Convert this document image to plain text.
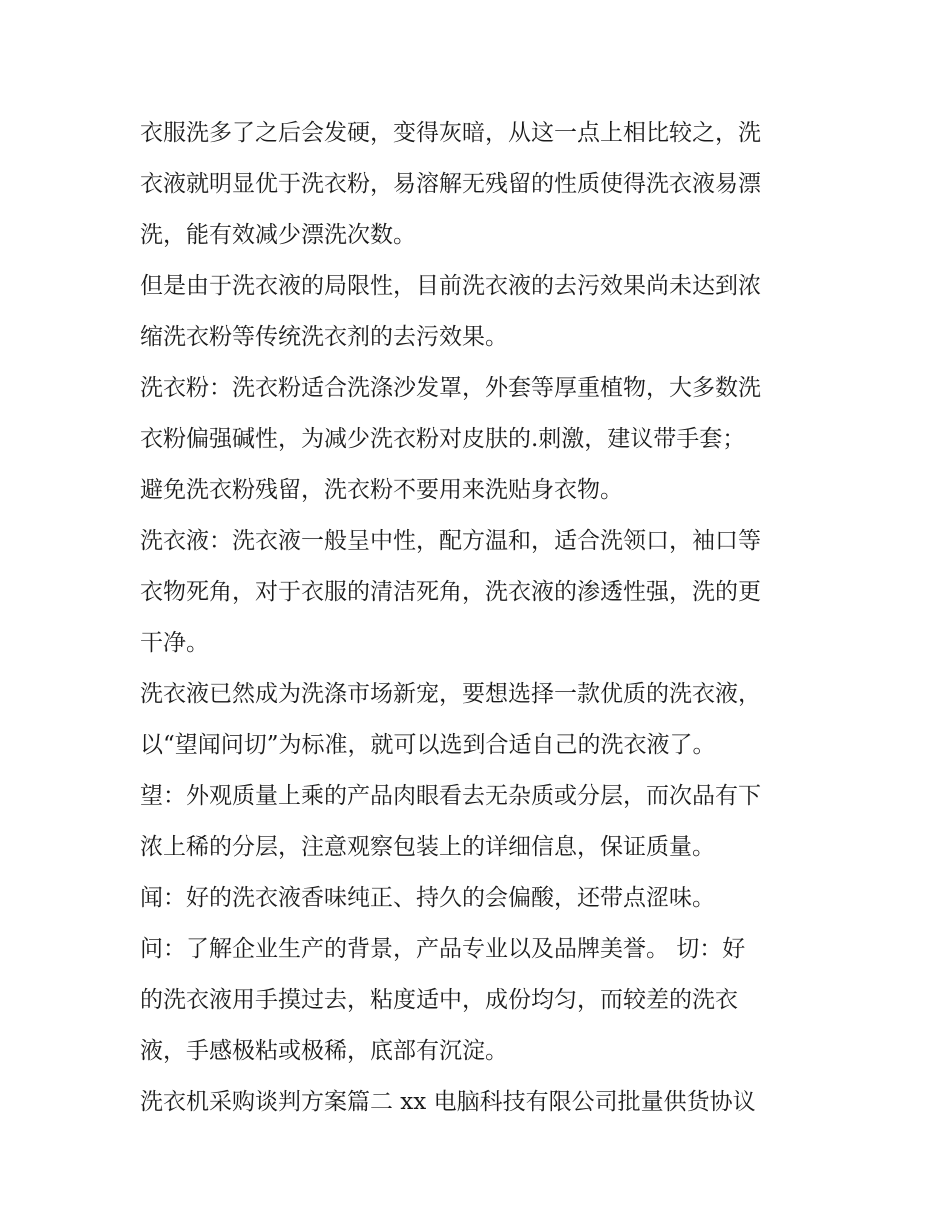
衣服洗多了之后会发硬，变得灰暗，从这一点上相比较之，洗
衣液就明显优于洗衣粉，易溶解无残留的性质使得洗衣液易漂
洗，能有效减少漂洗次数。

但是由于洗衣液的局限性，目前洗衣液的去污效果尚未达到浓
缩洗衣粉等传统洗衣剂的去污效果。

洗衣粉：洗衣粉适合洗涤沙发罩，外套等厚重植物，大多数洗
衣粉偏强碱性，为减少洗衣粉对皮肤的.刺激，建议带手套；
避免洗衣粉残留，洗衣粉不要用来洗贴身衣物。

洗衣液：洗衣液一般呈中性，配方温和，适合洗领口，袖口等
衣物死角，对于衣服的清洁死角，洗衣液的渗透性强，洗的更
干净。

洗衣液已然成为洗涤市场新宠，要想选择一款优质的洗衣液，
以“望闻问切”为标准，就可以选到合适自己的洗衣液了。

望：外观质量上乘的产品肉眼看去无杂质或分层，而次品有下
浓上稀的分层，注意观察包装上的详细信息，保证质量。

闻：好的洗衣液香味纯正、持久的会偏酸，还带点涩味。

问：了解企业生产的背景，产品专业以及品牌美誉。 切：好
的洗衣液用手摸过去，粘度适中，成份均匀，而较差的洗衣
液，手感极粘或极稀，底部有沉淀。

洗衣机采购谈判方案篇二 xx 电脑科技有限公司批量供货协议
